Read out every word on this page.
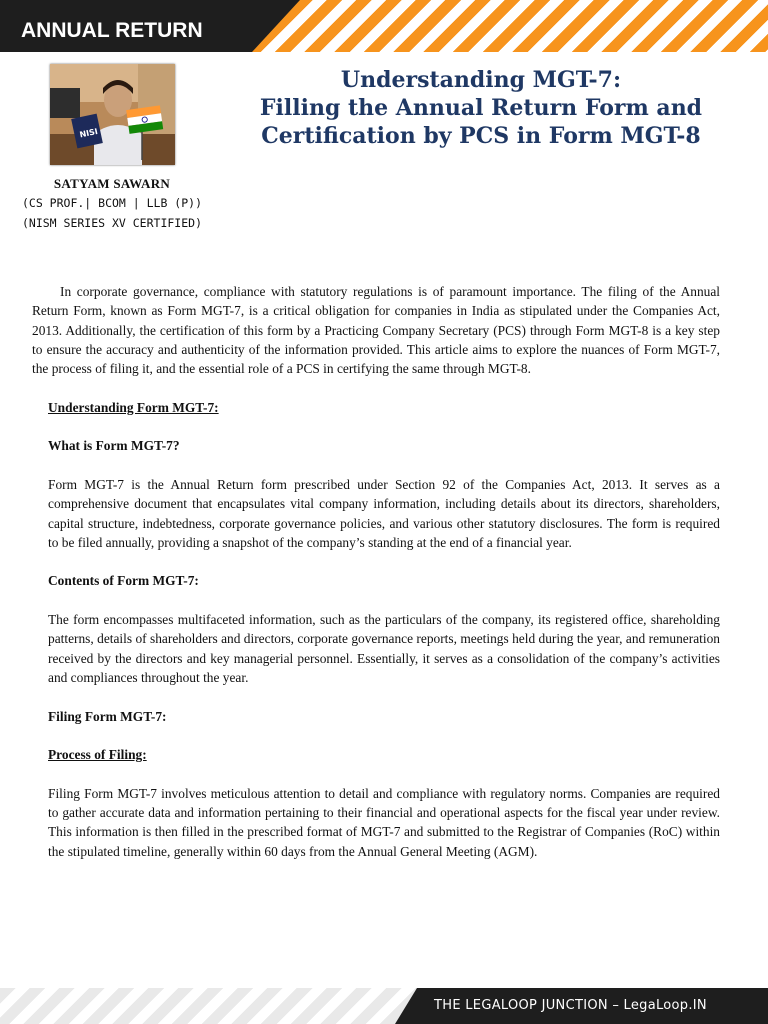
ANNUAL RETURN
NISI
SATYAM SAWARN
(CS PROF.| BCOM | LLB (P))
(NISM SERIES XV CERTIFIED)
Understanding MGT-7:
Filling the Annual Return Form and
Certification by PCS in Form MGT-8

In corporate governance, compliance with statutory regulations is of paramount importance. The filing of the Annual Return Form, known as Form MGT-7, is a critical obligation for companies in India as stipulated under the Companies Act, 2013. Additionally, the certification of this form by a Practicing Company Secretary (PCS) through Form MGT-8 is a key step to ensure the accuracy and authenticity of the information provided. This article aims to explore the nuances of Form MGT-7, the process of filing it, and the essential role of a PCS in certifying the same through MGT-8.

Understanding Form MGT-7:

What is Form MGT-7?

Form MGT-7 is the Annual Return form prescribed under Section 92 of the Companies Act, 2013. It serves as a comprehensive document that encapsulates vital company information, including details about its directors, shareholders, capital structure, indebtedness, corporate governance policies, and various other statutory disclosures. The form is required to be filed annually, providing a snapshot of the company’s standing at the end of a financial year.

Contents of Form MGT-7:

The form encompasses multifaceted information, such as the particulars of the company, its registered office, shareholding patterns, details of shareholders and directors, corporate governance reports, meetings held during the year, and remuneration received by the directors and key managerial personnel. Essentially, it serves as a consolidation of the company’s activities and compliances throughout the year.

Filing Form MGT-7:

Process of Filing:

Filing Form MGT-7 involves meticulous attention to detail and compliance with regulatory norms. Companies are required to gather accurate data and information pertaining to their financial and operational aspects for the fiscal year under review. This information is then filled in the prescribed format of MGT-7 and submitted to the Registrar of Companies (RoC) within the stipulated timeline, generally within 60 days from the Annual General Meeting (AGM).

THE LEGALOOP JUNCTION – LegaLoop.IN
